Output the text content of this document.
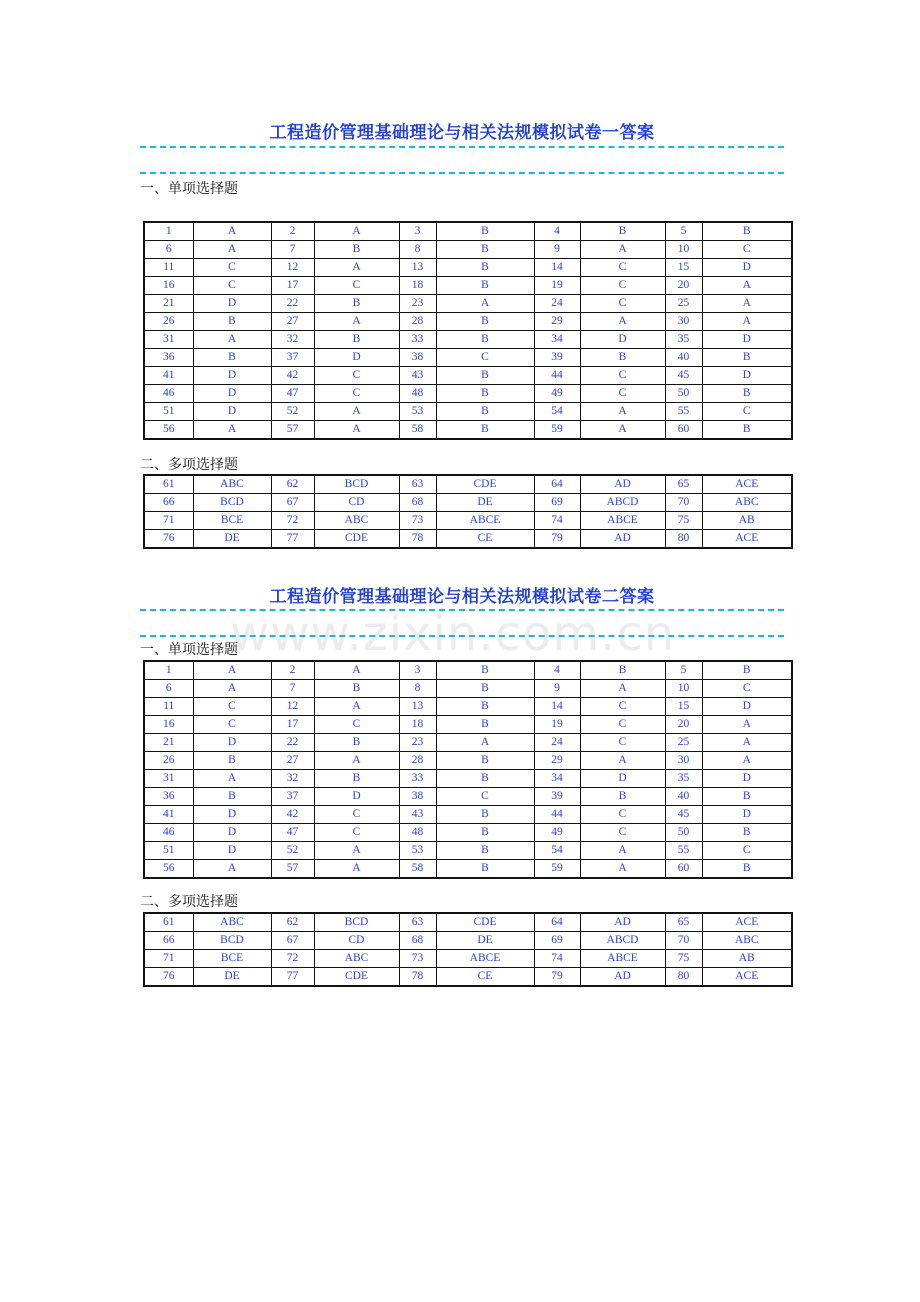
工程造价管理基础理论与相关法规模拟试卷一答案
一、单项选择题
1	A	2	A	3	B	4	B	5	B
6	A	7	B	8	B	9	A	10	C
11	C	12	A	13	B	14	C	15	D
16	C	17	C	18	B	19	C	20	A
21	D	22	B	23	A	24	C	25	A
26	B	27	A	28	B	29	A	30	A
31	A	32	B	33	B	34	D	35	D
36	B	37	D	38	C	39	B	40	B
41	D	42	C	43	B	44	C	45	D
46	D	47	C	48	B	49	C	50	B
51	D	52	A	53	B	54	A	55	C
56	A	57	A	58	B	59	A	60	B
二、多项选择题
61	ABC	62	BCD	63	CDE	64	AD	65	ACE
66	BCD	67	CD	68	DE	69	ABCD	70	ABC
71	BCE	72	ABC	73	ABCE	74	ABCE	75	AB
76	DE	77	CDE	78	CE	79	AD	80	ACE
工程造价管理基础理论与相关法规模拟试卷二答案
www.zixin.com.cn
一、单项选择题
1	A	2	A	3	B	4	B	5	B
6	A	7	B	8	B	9	A	10	C
11	C	12	A	13	B	14	C	15	D
16	C	17	C	18	B	19	C	20	A
21	D	22	B	23	A	24	C	25	A
26	B	27	A	28	B	29	A	30	A
31	A	32	B	33	B	34	D	35	D
36	B	37	D	38	C	39	B	40	B
41	D	42	C	43	B	44	C	45	D
46	D	47	C	48	B	49	C	50	B
51	D	52	A	53	B	54	A	55	C
56	A	57	A	58	B	59	A	60	B
二、多项选择题
61	ABC	62	BCD	63	CDE	64	AD	65	ACE
66	BCD	67	CD	68	DE	69	ABCD	70	ABC
71	BCE	72	ABC	73	ABCE	74	ABCE	75	AB
76	DE	77	CDE	78	CE	79	AD	80	ACE
